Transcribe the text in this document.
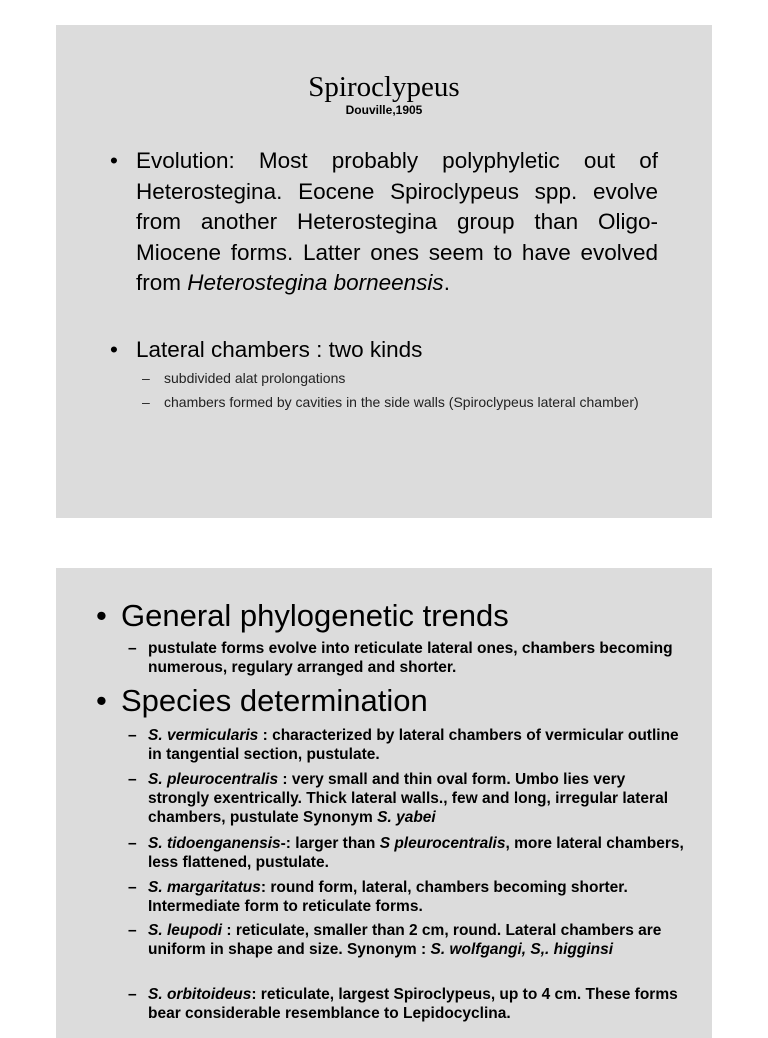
Spiroclypeus
Douville,1905
• Evolution: Most probably polyphyletic out of Heterostegina. Eocene Spiroclypeus spp. evolve from another Heterostegina group than Oligo-Miocene forms. Latter ones seem to have evolved from Heterostegina borneensis.
• Lateral chambers : two kinds
– subdivided alat prolongations
– chambers formed by cavities in the side walls (Spiroclypeus lateral chamber)
• General phylogenetic trends
– pustulate forms evolve into reticulate lateral ones, chambers becoming numerous, regulary arranged and shorter.
• Species determination
– S. vermicularis : characterized by lateral chambers of vermicular outline in tangential section, pustulate.
– S. pleurocentralis : very small and thin oval form. Umbo lies very strongly exentrically. Thick lateral walls., few and long, irregular lateral chambers, pustulate Synonym S. yabei
– S. tidoenganensis-: larger than S pleurocentralis, more lateral chambers, less flattened, pustulate.
– S. margaritatus: round form, lateral, chambers becoming shorter. Intermediate form to reticulate forms.
– S. leupodi : reticulate, smaller than 2 cm, round. Lateral chambers are uniform in shape and size. Synonym : S. wolfgangi, S,. higginsi
– S. orbitoideus: reticulate, largest Spiroclypeus, up to 4 cm. These forms bear considerable resemblance to Lepidocyclina.
